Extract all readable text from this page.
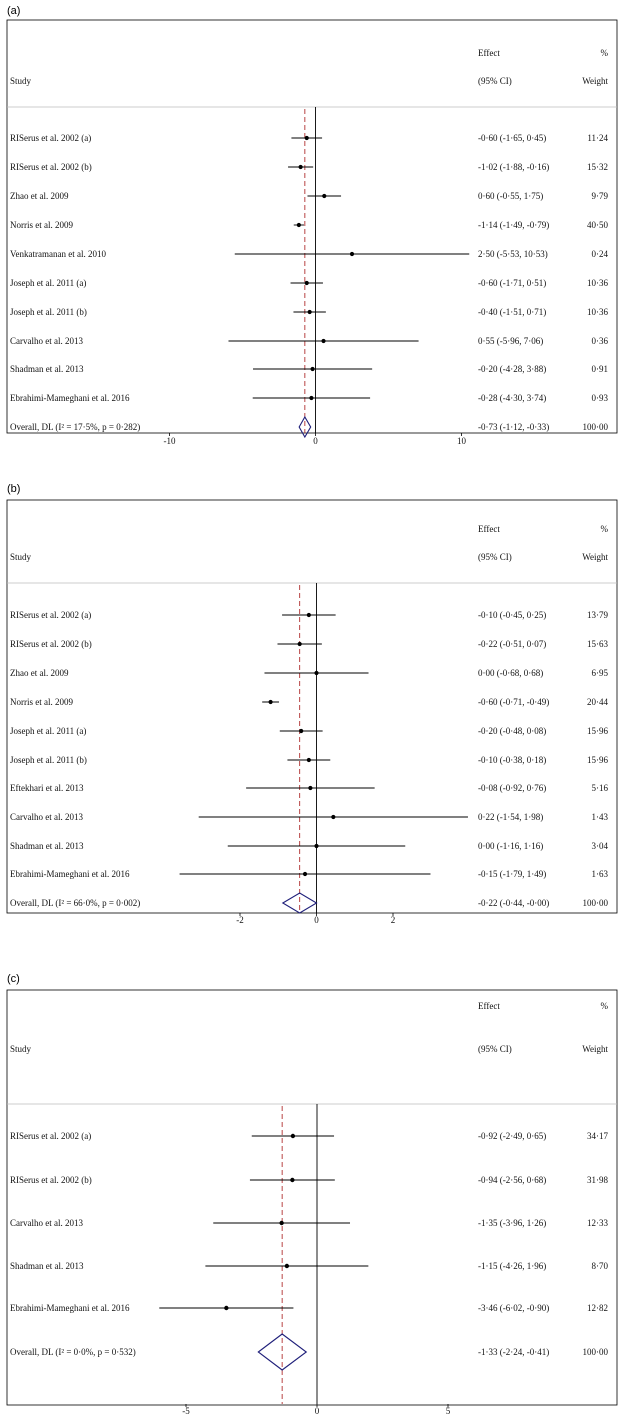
(a)
Effect	%
Study	(95% CI)	Weight
RISerus et al. 2002 (a)	-0·60 (-1·65, 0·45)	11·24
RISerus et al. 2002 (b)	-1·02 (-1·88, -0·16)	15·32
Zhao et al. 2009	0·60 (-0·55, 1·75)	9·79
Norris et al. 2009	-1·14 (-1·49, -0·79)	40·50
Venkatramanan et al. 2010	2·50 (-5·53, 10·53)	0·24
Joseph et al. 2011 (a)	-0·60 (-1·71, 0·51)	10·36
Joseph et al. 2011 (b)	-0·40 (-1·51, 0·71)	10·36
Carvalho et al. 2013	0·55 (-5·96, 7·06)	0·36
Shadman et al. 2013	-0·20 (-4·28, 3·88)	0·91
Ebrahimi-Mameghani et al. 2016	-0·28 (-4·30, 3·74)	0·93
Overall, DL (I² = 17·5%, p = 0·282)	-0·73 (-1·12, -0·33)	100·00
-10	0	10
(b)
Effect	%
Study	(95% CI)	Weight
RISerus et al. 2002 (a)	-0·10 (-0·45, 0·25)	13·79
RISerus et al. 2002 (b)	-0·22 (-0·51, 0·07)	15·63
Zhao et al. 2009	0·00 (-0·68, 0·68)	6·95
Norris et al. 2009	-0·60 (-0·71, -0·49)	20·44
Joseph et al. 2011 (a)	-0·20 (-0·48, 0·08)	15·96
Joseph et al. 2011 (b)	-0·10 (-0·38, 0·18)	15·96
Eftekhari et al. 2013	-0·08 (-0·92, 0·76)	5·16
Carvalho et al. 2013	0·22 (-1·54, 1·98)	1·43
Shadman et al. 2013	0·00 (-1·16, 1·16)	3·04
Ebrahimi-Mameghani et al. 2016	-0·15 (-1·79, 1·49)	1·63
Overall, DL (I² = 66·0%, p = 0·002)	-0·22 (-0·44, -0·00)	100·00
-2	0	2
(c)
Effect	%
Study	(95% CI)	Weight
RISerus et al. 2002 (a)	-0·92 (-2·49, 0·65)	34·17
RISerus et al. 2002 (b)	-0·94 (-2·56, 0·68)	31·98
Carvalho et al. 2013	-1·35 (-3·96, 1·26)	12·33
Shadman et al. 2013	-1·15 (-4·26, 1·96)	8·70
Ebrahimi-Mameghani et al. 2016	-3·46 (-6·02, -0·90)	12·82
Overall, DL (I² = 0·0%, p = 0·532)	-1·33 (-2·24, -0·41)	100·00
-5	0	5
